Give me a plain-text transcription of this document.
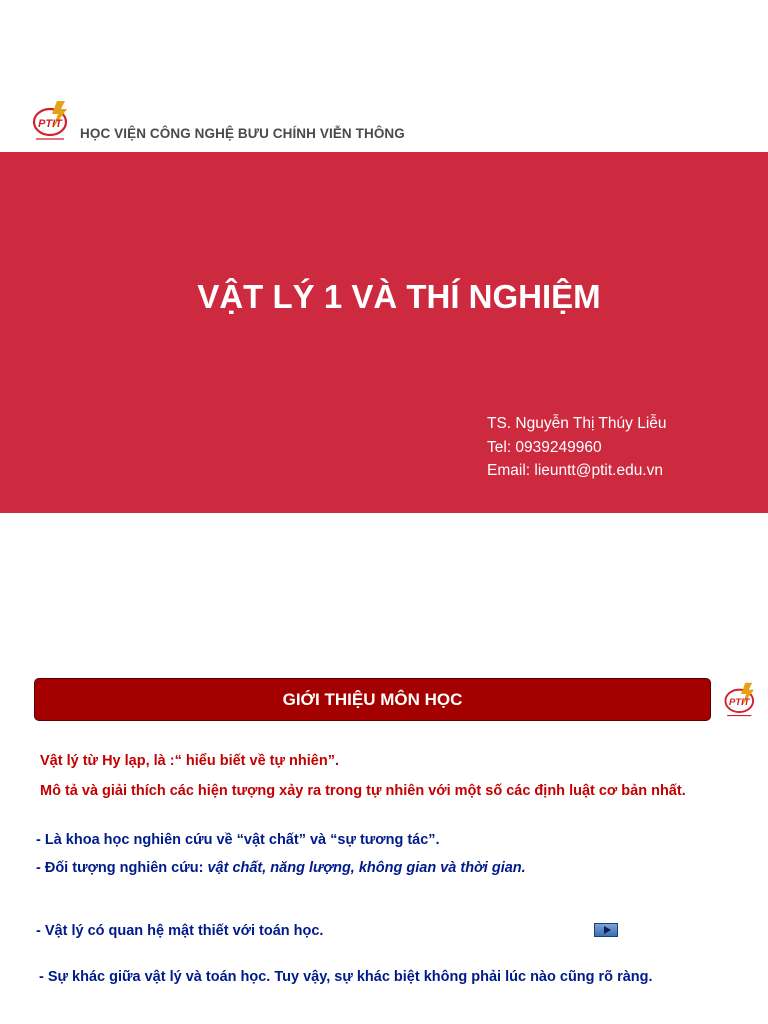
PTIT
HỌC VIỆN CÔNG NGHỆ BƯU CHÍNH VIỄN THÔNG
VẬT LÝ 1 VÀ THÍ NGHIỆM
TS. Nguyễn Thị Thúy Liễu
Tel: 0939249960
Email: lieuntt@ptit.edu.vn
GIỚI THIỆU MÔN HỌC	PTIT
Vật lý từ Hy lạp, là :“ hiểu biết về tự nhiên”.
Mô tả và giải thích các hiện tượng xảy ra trong tự nhiên với một số các định luật cơ bản nhất.
- Là khoa học nghiên cứu về “vật chất” và “sự tương tác”.
- Đối tượng nghiên cứu: vật chất, năng lượng, không gian và thời gian.
- Vật lý có quan hệ mật thiết với toán học.
- Sự khác giữa vật lý và toán học. Tuy vậy, sự khác biệt không phải lúc nào cũng rõ ràng.
